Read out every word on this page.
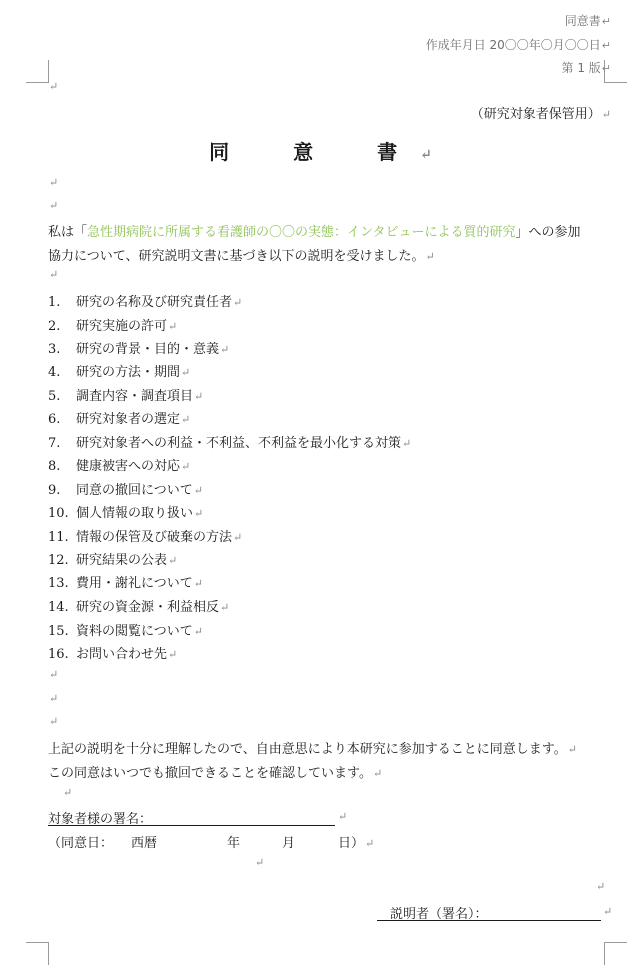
同意書↵
作成年月日 20〇〇年〇月〇〇日↵
第 1 版↵
↵
（研究対象者保管用）↵
同　意　書↵
↵
↵
私は「急性期病院に所属する看護師の〇〇の実態：インタビューによる質的研究」への参加
協力について、研究説明文書に基づき以下の説明を受けました。↵
↵
1. 研究の名称及び研究責任者↵
2. 研究実施の許可↵
3. 研究の背景・目的・意義↵
4. 研究の方法・期間↵
5. 調査内容・調査項目↵
6. 研究対象者の選定↵
7. 研究対象者への利益・不利益、不利益を最小化する対策↵
8. 健康被害への対応↵
9. 同意の撤回について↵
10. 個人情報の取り扱い↵
11. 情報の保管及び破棄の方法↵
12. 研究結果の公表↵
13. 費用・謝礼について↵
14. 研究の資金源・利益相反↵
15. 資料の閲覧について↵
16. お問い合わせ先↵
↵
↵
↵
上記の説明を十分に理解したので、自由意思により本研究に参加することに同意します。↵
この同意はいつでも撤回できることを確認しています。↵
↵
対象者様の署名：	↵
（同意日： 西暦	年	月	日）↵
↵
↵
説明者（署名）：	↵
